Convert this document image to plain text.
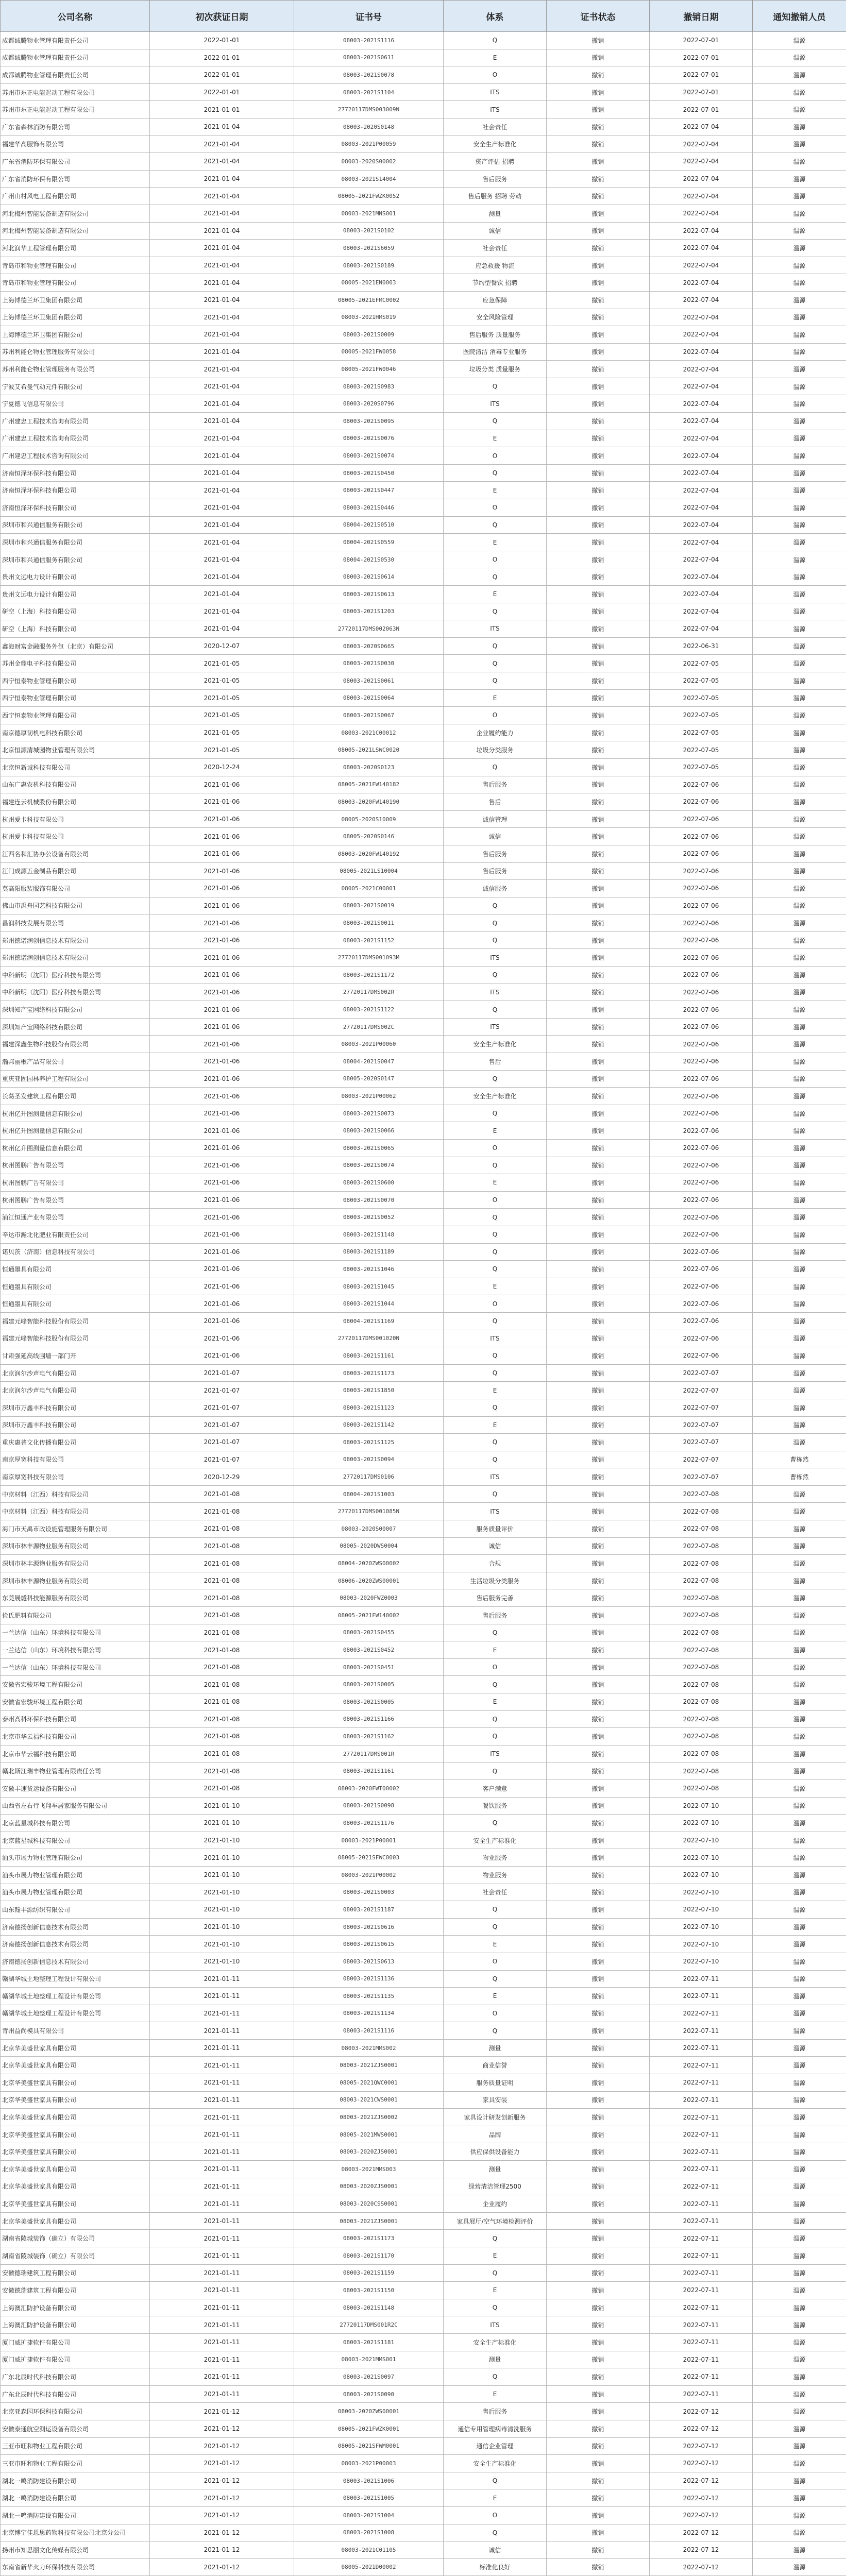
公司名称	初次获证日期	证书号	体系	证书状态	撤销日期	通知撤销人员
成都诚腾物业管理有限责任公司	2022-01-01	08003-2021S1116	Q	撤销	2022-07-01	温源
成都诚腾物业管理有限责任公司	2022-01-01	08003-2021S0611	E	撤销	2022-07-01	温源
成都诚腾物业管理有限责任公司	2022-01-01	08003-2021S0078	O	撤销	2022-07-01	温源
苏州市东正电能起动工程有限公司	2022-01-01	08003-2021S1104	ITS	撤销	2022-07-01	温源
苏州市东正电能起动工程有限公司	2021-01-01	27720117DMS003009N	ITS	撤销	2022-07-01	温源
广东省森林消防有限公司	2021-01-04	08003-2020S0148	社会责任	撤销	2022-07-04	温源
福建华高服饰有限公司	2021-01-04	08003-2021P00059	安全生产标准化	撤销	2022-07-04	温源
广东省消防环保有限公司	2021-01-04	08003-2020S00002	资产评估 招聘	撤销	2022-07-04	温源
广东省消防环保有限公司	2021-01-04	08003-2021S14004	售后服务	撤销	2022-07-04	温源
广州山村风电工程有限公司	2021-01-04	08005-2021FWZK0052	售后服务 招聘 劳动	撤销	2022-07-04	温源
河北梅州智能装备制造有限公司	2021-01-04	08003-2021MNS001	测量	撤销	2022-07-04	温源
河北梅州智能装备制造有限公司	2021-01-04	08003-2021S0102	诚信	撤销	2022-07-04	温源
河北润华工程管理有限公司	2021-01-04	08003-2021S6059	社会责任	撤销	2022-07-04	温源
青岛市和物业管理有限公司	2021-01-04	08003-2021S0189	应急救援 物流	撤销	2022-07-04	温源
青岛市和物业管理有限公司	2021-01-04	08005-2021EN0003	节约型餐饮 招聘	撤销	2022-07-04	温源
上海博德兰环卫集团有限公司	2021-01-04	08005-2021EFMC0002	应急保障	撤销	2022-07-04	温源
上海博德兰环卫集团有限公司	2021-01-04	08003-2021HMS019	安全风险管理	撤销	2022-07-04	温源
上海博德兰环卫集团有限公司	2021-01-04	08003-2021S0009	售后服务 质量服务	撤销	2022-07-04	温源
苏州利能仑物业管理服务有限公司	2021-01-04	08005-2021FW0058	医院清洁 消毒专业服务	撤销	2022-07-04	温源
苏州利能仑物业管理服务有限公司	2021-01-04	08005-2021FW0046	垃圾分类 质量服务	撤销	2022-07-04	温源
宁波艾希曼气动元件有限公司	2021-01-04	08003-2021S0983	Q	撤销	2022-07-04	温源
宁夏德飞信息有限公司	2021-01-04	08003-2020S0796	ITS	撤销	2022-07-04	温源
广州建忠工程技术咨询有限公司	2021-01-04	08003-2021S0095	Q	撤销	2022-07-04	温源
广州建忠工程技术咨询有限公司	2021-01-04	08003-2021S0076	E	撤销	2022-07-04	温源
广州建忠工程技术咨询有限公司	2021-01-04	08003-2021S0074	O	撤销	2022-07-04	温源
济南恒泽环保科技有限公司	2021-01-04	08003-2021S0450	Q	撤销	2022-07-04	温源
济南恒泽环保科技有限公司	2021-01-04	08003-2021S0447	E	撤销	2022-07-04	温源
济南恒泽环保科技有限公司	2021-01-04	08003-2021S0446	O	撤销	2022-07-04	温源
深圳市和兴通信服务有限公司	2021-01-04	08004-2021S0510	Q	撤销	2022-07-04	温源
深圳市和兴通信服务有限公司	2021-01-04	08004-2021S0559	E	撤销	2022-07-04	温源
深圳市和兴通信服务有限公司	2021-01-04	08004-2021S0530	O	撤销	2022-07-04	温源
贵州文远电力设计有限公司	2021-01-04	08003-2021S0614	Q	撤销	2022-07-04	温源
贵州文远电力设计有限公司	2021-01-04	08003-2021S0613	E	撤销	2022-07-04	温源
研空（上海）科技有限公司	2021-01-04	08003-2021S1203	Q	撤销	2022-07-04	温源
研空（上海）科技有限公司	2021-01-04	27720117DMS002063N	ITS	撤销	2022-07-04	温源
鑫海财富金融服务外包（北京）有限公司	2020-12-07	08003-2020S0665	Q	撤销	2022-06-31	温源
苏州金鼎电子科技有限公司	2021-01-05	08003-2021S0030	Q	撤销	2022-07-05	温源
西宁恒泰物业管理有限公司	2021-01-05	08003-2021S0061	Q	撤销	2022-07-05	温源
西宁恒泰物业管理有限公司	2021-01-05	08003-2021S0064	E	撤销	2022-07-05	温源
西宁恒泰物业管理有限公司	2021-01-05	08003-2021S0067	O	撤销	2022-07-05	温源
南京德厚韧机电科技有限公司	2021-01-05	08003-2021C00012	企业履约能力	撤销	2022-07-05	温源
北京恒源清城园物业管理有限公司	2021-01-05	08005-2021LSWC0020	垃圾分类服务	撤销	2022-07-05	温源
北京恒新诚科技有限公司	2020-12-24	08003-2020S0123	Q	撤销	2022-07-05	温源
山东广惠农机科技有限公司	2021-01-06	08005-2021FW140182	售后服务	撤销	2022-07-06	温源
福建连云机械股份有限公司	2021-01-06	08003-2020FW140190	售后	撤销	2022-07-06	温源
杭州爱卡科技有限公司	2021-01-06	08005-2020S10009	诚信管理	撤销	2022-07-06	温源
杭州爱卡科技有限公司	2021-01-06	08005-2020S0146	诚信	撤销	2022-07-06	温源
江西名和汇协办公设备有限公司	2021-01-06	08003-2020FW140192	售后服务	撤销	2022-07-06	温源
江门成源五金制品有限公司	2021-01-06	08005-2021LS10004	售后服务	撤销	2022-07-06	温源
莫高阳服装服饰有限公司	2021-01-06	08005-2021C00001	诚信服务	撤销	2022-07-06	温源
佛山市禹舟园艺科技有限公司	2021-01-06	08003-2021S0019	Q	撤销	2022-07-06	温源
昌润科技发展有限公司	2021-01-06	08003-2021S0011	Q	撤销	2022-07-06	温源
郑州德诺润创信息技术有限公司	2021-01-06	08003-2021S1152	Q	撤销	2022-07-06	温源
郑州德诺润创信息技术有限公司	2021-01-06	27720117DMS001093M	ITS	撤销	2022-07-06	温源
中科新明（沈阳）医疗科技有限公司	2021-01-06	08003-2021S1172	Q	撤销	2022-07-06	温源
中科新明（沈阳）医疗科技有限公司	2021-01-06	27720117DMS002R	ITS	撤销	2022-07-06	温源
深圳知产宝网络科技有限公司	2021-01-06	08003-2021S1122	Q	撤销	2022-07-06	温源
深圳知产宝网络科技有限公司	2021-01-06	27720117DMS002C	ITS	撤销	2022-07-06	温源
福建深鑫生物科技股份有限公司	2021-01-06	08003-2021P00060	安全生产标准化	撤销	2022-07-06	温源
瀚邦丽楸产品有限公司	2021-01-06	08004-2021S0047	售后	撤销	2022-07-06	温源
重庆亚固园林养护工程有限公司	2021-01-06	08005-2020S0147	Q	撤销	2022-07-06	温源
长葛圣发建筑工程有限公司	2021-01-06	08003-2021P00062	安全生产标准化	撤销	2022-07-06	温源
杭州亿升图测量信息有限公司	2021-01-06	08003-2021S0073	Q	撤销	2022-07-06	温源
杭州亿升图测量信息有限公司	2021-01-06	08003-2021S0066	E	撤销	2022-07-06	温源
杭州亿升图测量信息有限公司	2021-01-06	08003-2021S0065	O	撤销	2022-07-06	温源
杭州图鹏广告有限公司	2021-01-06	08003-2021S0074	Q	撤销	2022-07-06	温源
杭州图鹏广告有限公司	2021-01-06	08003-2021S0600	E	撤销	2022-07-06	温源
杭州图鹏广告有限公司	2021-01-06	08003-2021S0070	O	撤销	2022-07-06	温源
浦江恒通产业有限公司	2021-01-06	08003-2021S0052	Q	撤销	2022-07-06	温源
辛达市瀚北化肥业有限责任公司	2021-01-06	08003-2021S1148	Q	撤销	2022-07-06	温源
诺贝茨（济南）信息科技有限公司	2021-01-06	08003-2021S1189	Q	撤销	2022-07-06	温源
恒通墨具有限公司	2021-01-06	08003-2021S1046	Q	撤销	2022-07-06	温源
恒通墨具有限公司	2021-01-06	08003-2021S1045	E	撤销	2022-07-06	温源
恒通墨具有限公司	2021-01-06	08003-2021S1044	O	撤销	2022-07-06	温源
福建元峰智能科技股份有限公司	2021-01-06	08004-2021S1169	Q	撤销	2022-07-06	温源
福建元峰智能科技股份有限公司	2021-01-06	27720117DMS001020N	ITS	撤销	2022-07-06	温源
甘肃强延高线围墙一部门开	2021-01-06	08003-2021S1161	Q	撤销	2022-07-06	温源
北京润尔沙声电气有限公司	2021-01-07	08003-2021S1173	Q	撤销	2022-07-07	温源
北京润尔沙声电气有限公司	2021-01-07	08003-2021S1850	E	撤销	2022-07-07	温源
深圳市万鑫丰科技有限公司	2021-01-07	08003-2021S1123	Q	撤销	2022-07-07	温源
深圳市万鑫丰科技有限公司	2021-01-07	08003-2021S1142	E	撤销	2022-07-07	温源
重庆惠普文化传播有限公司	2021-01-07	08003-2021S1125	Q	撤销	2022-07-07	温源
南京厚宽科技有限公司	2021-01-07	08003-2021S0094	Q	撤销	2022-07-07	曹栋然
南京厚宽科技有限公司	2020-12-29	27720117DMS0106	ITS	撤销	2022-07-07	曹栋然
中京材料（江西）科技有限公司	2021-01-08	08004-2021S1003	Q	撤销	2022-07-08	温源
中京材料（江西）科技有限公司	2021-01-08	27720117DMS001085N	ITS	撤销	2022-07-08	温源
海门市天禹市政设施管理服务有限公司	2021-01-08	08003-2020S00007	服务质量评价	撤销	2022-07-08	温源
深圳市林丰源物业服务有限公司	2021-01-08	08005-2020DWS0004	诚信	撤销	2022-07-08	温源
深圳市林丰源物业服务有限公司	2021-01-08	08004-2020ZWS00002	合规	撤销	2022-07-08	温源
深圳市林丰源物业服务有限公司	2021-01-08	08006-2020ZWS00001	生活垃圾分类服务	撤销	2022-07-08	温源
东莞展燧科技能源服务有限公司	2021-01-08	08003-2020FWZ0003	售后服务完善	撤销	2022-07-08	温源
俭氏肥料有限公司	2021-01-08	08005-2021FW140002	售后服务	撤销	2022-07-08	温源
一兰达信（山东）环境科技有限公司	2021-01-08	08003-2021S0455	Q	撤销	2022-07-08	温源
一兰达信（山东）环境科技有限公司	2021-01-08	08003-2021S0452	E	撤销	2022-07-08	温源
一兰达信（山东）环境科技有限公司	2021-01-08	08003-2021S0451	O	撤销	2022-07-08	温源
安徽省宏骏环境工程有限公司	2021-01-08	08003-2021S0005	Q	撤销	2022-07-08	温源
安徽省宏骏环境工程有限公司	2021-01-08	08003-2021S0005	E	撤销	2022-07-08	温源
泰州高科环保科技有限公司	2021-01-08	08003-2021S1166	Q	撤销	2022-07-08	温源
北京市华云福科技有限公司	2021-01-08	08003-2021S1162	Q	撤销	2022-07-08	温源
北京市华云福科技有限公司	2021-01-08	27720117DMS001R	ITS	撤销	2022-07-08	温源
赣北斯江瑞丰物业管理有限责任公司	2021-01-08	08003-2021S1161	Q	撤销	2022-07-08	温源
安徽丰速货运设备有限公司	2021-01-08	08003-2020FWT00002	客户满意	撤销	2022-07-08	温源
山西省左右行飞翔车居家服务有限公司	2021-01-10	08003-2021S0098	餐饮服务	撤销	2022-07-10	温源
北京蓝星城科技有限公司	2021-01-10	08003-2021S1176	Q	撤销	2022-07-10	温源
北京蓝星城科技有限公司	2021-01-10	08003-2021P00001	安全生产标准化	撤销	2022-07-10	温源
汕头市展力物业管理有限公司	2021-01-10	08005-2021SFWC0003	物业服务	撤销	2022-07-10	温源
汕头市展力物业管理有限公司	2021-01-10	08003-2021P00002	物业服务	撤销	2022-07-10	温源
汕头市展力物业管理有限公司	2021-01-10	08003-2021S0003	社会责任	撤销	2022-07-10	温源
山东翰丰源纺织有限公司	2021-01-10	08003-2021S1187	Q	撤销	2022-07-10	温源
济南德扬创新信息技术有限公司	2021-01-10	08003-2021S0616	Q	撤销	2022-07-10	温源
济南德扬创新信息技术有限公司	2021-01-10	08003-2021S0615	E	撤销	2022-07-10	温源
济南德扬创新信息技术有限公司	2021-01-10	08003-2021S0613	O	撤销	2022-07-10	温源
赣湖华城土地整理工程设计有限公司	2021-01-11	08003-2021S1136	Q	撤销	2022-07-11	温源
赣湖华城土地整理工程设计有限公司	2021-01-11	08003-2021S1135	E	撤销	2022-07-11	温源
赣湖华城土地整理工程设计有限公司	2021-01-11	08003-2021S1134	O	撤销	2022-07-11	温源
青州益尚模具有限公司	2021-01-11	08003-2021S1116	Q	撤销	2022-07-11	温源
北京华美盛世家具有限公司	2021-01-11	08003-2021MMS002	测量	撤销	2022-07-11	温源
北京华美盛世家具有限公司	2021-01-11	08003-2021ZJS0001	商业信誉	撤销	2022-07-11	温源
北京华美盛世家具有限公司	2021-01-11	08005-2021QWC0001	服务质量证明	撤销	2022-07-11	温源
北京华美盛世家具有限公司	2021-01-11	08003-2021CWS0001	家具安装	撤销	2022-07-11	温源
北京华美盛世家具有限公司	2021-01-11	08003-2021ZJS0002	家具设计研发创新服务	撤销	2022-07-11	温源
北京华美盛世家具有限公司	2021-01-11	08005-2021MWS0001	品牌	撤销	2022-07-11	温源
北京华美盛世家具有限公司	2021-01-11	08003-2020ZJS0001	供应保供设备能力	撤销	2022-07-11	温源
北京华美盛世家具有限公司	2021-01-11	08003-2021MMS003	测量	撤销	2022-07-11	温源
北京华美盛世家具有限公司	2021-01-11	08003-2020ZJS0001	绿营清洁管理2500	撤销	2022-07-11	温源
北京华美盛世家具有限公司	2021-01-11	08003-2020CSS0001	企业履约	撤销	2022-07-11	温源
北京华美盛世家具有限公司	2021-01-11	08003-2021ZJS0001	家具展厅/空气环境检测评价	撤销	2022-07-11	温源
湖南省陵城装饰（确立）有限公司	2021-01-11	08003-2021S1173	Q	撤销	2022-07-11	温源
湖南省陵城装饰（确立）有限公司	2021-01-11	08003-2021S1170	E	撤销	2022-07-11	温源
安徽德瑞建筑工程有限公司	2021-01-11	08003-2021S1159	Q	撤销	2022-07-11	温源
安徽德瑞建筑工程有限公司	2021-01-11	08003-2021S1150	E	撤销	2022-07-11	温源
上海澳汇防护设备有限公司	2021-01-11	08003-2021S1148	Q	撤销	2022-07-11	温源
上海澳汇防护设备有限公司	2021-01-11	27720117DMS001R2C	ITS	撤销	2022-07-11	温源
厦门威扩捷软件有限公司	2021-01-11	08003-2021S1181	安全生产标准化	撤销	2022-07-11	温源
厦门威扩捷软件有限公司	2021-01-11	08003-2021MMS001	测量	撤销	2022-07-11	温源
广东北辰时代科技有限公司	2021-01-11	08003-2021S0097	Q	撤销	2022-07-11	温源
广东北辰时代科技有限公司	2021-01-11	08003-2021S0090	E	撤销	2022-07-11	温源
北京亚森园环保科技有限公司	2021-01-12	08003-2020ZWS00001	售后服务	撤销	2022-07-12	温源
安徽泰通航空测运设备有限公司	2021-01-12	08005-2021FWZK0001	通信专用管理病毒清洗服务	撤销	2022-07-12	温源
三亚市旺和物业工程有限公司	2021-01-12	08005-2021SFWM0001	通信企业管理	撤销	2022-07-12	温源
三亚市旺和物业工程有限公司	2021-01-12	08003-2021P00003	安全生产标准化	撤销	2022-07-12	温源
湖北一鸣消防建设有限公司	2021-01-12	08003-2021S1006	Q	撤销	2022-07-12	温源
湖北一鸣消防建设有限公司	2021-01-12	08003-2021S1005	E	撤销	2022-07-12	温源
湖北一鸣消防建设有限公司	2021-01-12	08003-2021S1004	O	撤销	2022-07-12	温源
北京博宁佳恩思药物科技有限公司北京分公司	2021-01-12	08003-2021S1008	Q	撤销	2022-07-12	温源
扬州市知思丽文化传媒有限公司	2021-01-12	08003-2021C01105	诚信	撤销	2022-07-12	温源
东南省新华火力环保科技有限公司	2021-01-12	08005-2021D00002	标准化良好	撤销	2022-07-12	温源
